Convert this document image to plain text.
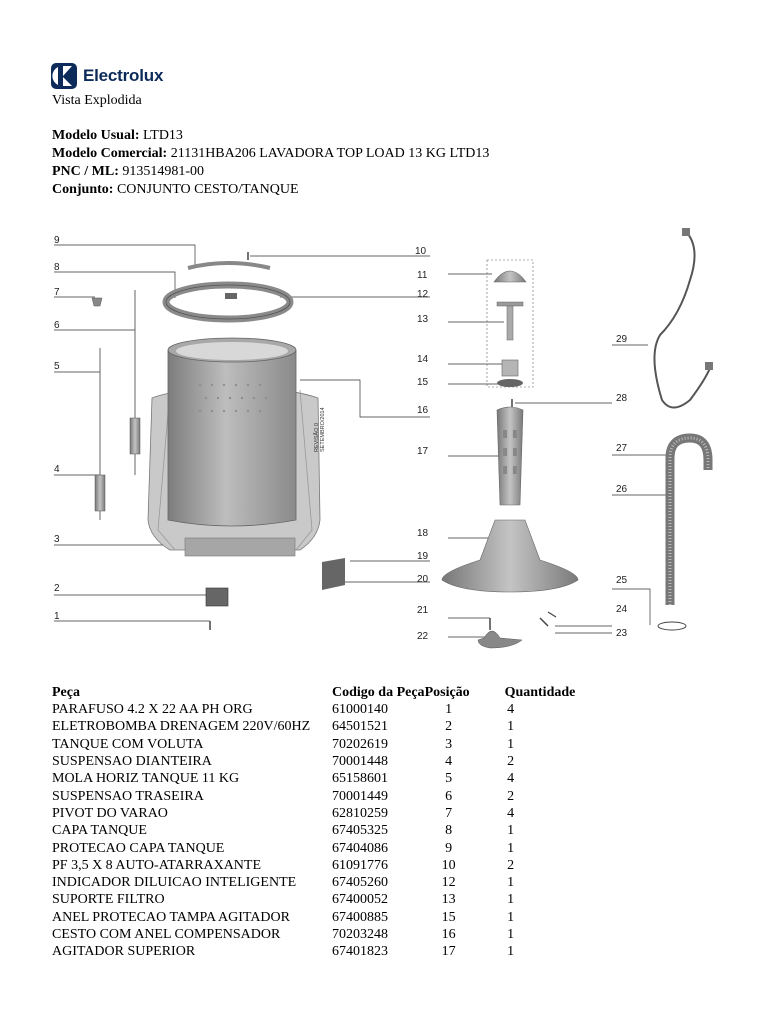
Electrolux
Vista Explodida
Modelo Usual: LTD13
Modelo Comercial: 21131HBA206 LAVADORA TOP LOAD 13 KG LTD13
PNC / ML: 913514981-00
Conjunto: CONJUNTO CESTO/TANQUE
1
2
3
4
5
6
7
8
9
10
11
12
13
14
15
16
17
18
19
20
21
22	23
24
25
26
27
28
29
REVISÃO 0 SETEMBRO/2014
Peça	Codigo da Peça	Posição	Quantidade
PARAFUSO 4.2 X 22 AA PH ORG	61000140	1	4
ELETROBOMBA DRENAGEM 220V/60HZ	64501521	2	1
TANQUE COM VOLUTA	70202619	3	1
SUSPENSAO DIANTEIRA	70001448	4	2
MOLA HORIZ TANQUE 11 KG	65158601	5	4
SUSPENSAO TRASEIRA	70001449	6	2
PIVOT DO VARAO	62810259	7	4
CAPA TANQUE	67405325	8	1
PROTECAO CAPA TANQUE	67404086	9	1
PF 3,5 X 8 AUTO-ATARRAXANTE	61091776	10	2
INDICADOR DILUICAO INTELIGENTE	67405260	12	1
SUPORTE FILTRO	67400052	13	1
ANEL PROTECAO TAMPA AGITADOR	67400885	15	1
CESTO COM ANEL COMPENSADOR	70203248	16	1
AGITADOR SUPERIOR	67401823	17	1
